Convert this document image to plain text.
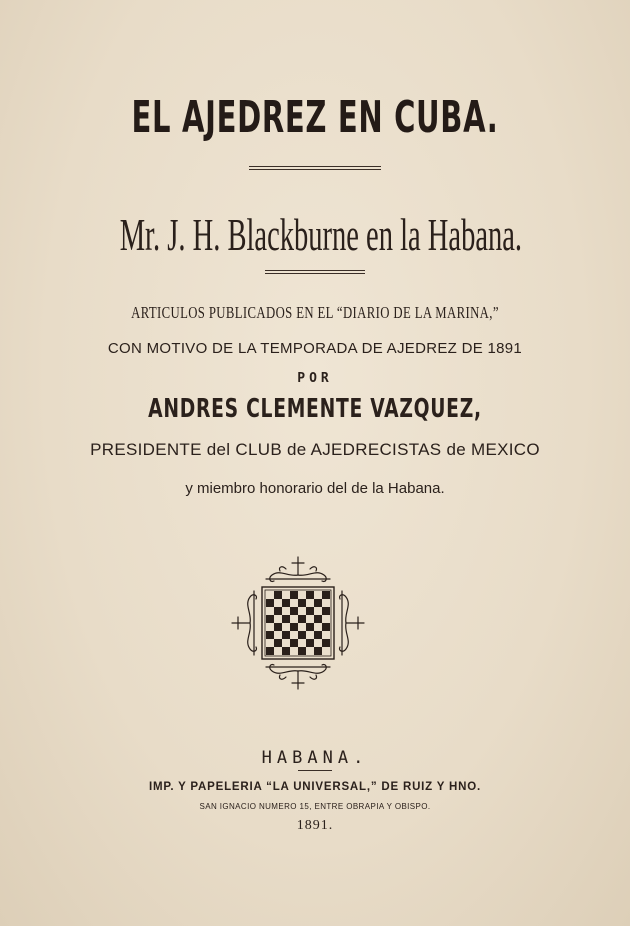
EL AJEDREZ EN CUBA.
Mr. J. H. Blackburne en la Habana.
ARTICULOS PUBLICADOS EN EL “DIARIO DE LA MARINA,”
CON MOTIVO DE LA TEMPORADA DE AJEDREZ DE 1891
POR
ANDRES CLEMENTE VAZQUEZ,
PRESIDENTE del CLUB de AJEDRECISTAS de MEXICO
y miembro honorario del de la Habana.
HABANA.
IMP. Y PAPELERIA “LA UNIVERSAL,” DE RUIZ Y HNO.
SAN IGNACIO NUMERO 15, ENTRE OBRAPIA Y OBISPO.
1891.
